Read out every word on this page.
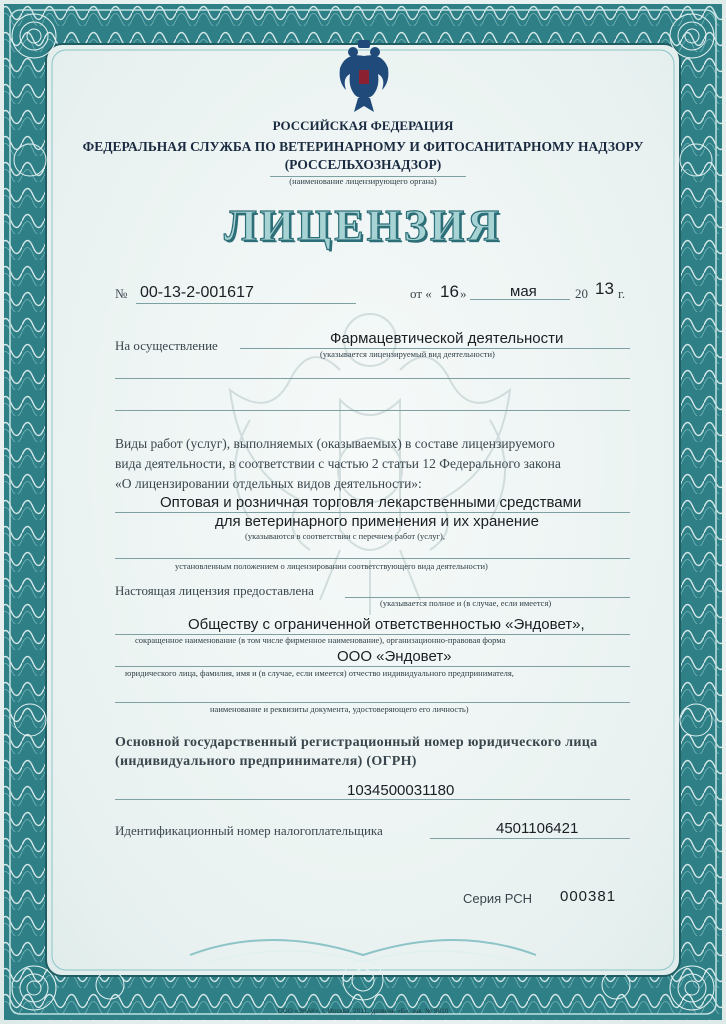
РОССИЙСКАЯ ФЕДЕРАЦИЯ
ФЕДЕРАЛЬНАЯ СЛУЖБА ПО ВЕТЕРИНАРНОМУ И ФИТОСАНИТАРНОМУ НАДЗОРУ
(РОССЕЛЬХОЗНАДЗОР)
(наименование лицензирующего органа)
ЛИЦЕНЗИЯ
№ 00-13-2-001617	от « 16 »	мая	20 13 г.
На осуществление	Фармацевтической деятельности
(указывается лицензируемый вид деятельности)
Виды работ (услуг), выполняемых (оказываемых) в составе лицензируемого
вида деятельности, в соответствии с частью 2 статьи 12 Федерального закона
«О лицензировании отдельных видов деятельности»:
Оптовая и розничная торговля лекарственными средствами
для ветеринарного применения и их хранение
(указываются в соответствии с перечнем работ (услуг),
установленным положением о лицензировании соответствующего вида деятельности)
Настоящая лицензия предоставлена
(указывается полное и (в случае, если имеется)
Обществу с ограниченной ответственностью «Эндовет»,
сокращенное наименование (в том числе фирменное наименование), организационно-правовая форма
ООО «Эндовет»
юридического лица, фамилия, имя и (в случае, если имеется) отчество индивидуального предпринимателя,
наименование и реквизиты документа, удостоверяющего его личность)
Основной государственный регистрационный номер юридического лица
(индивидуального предпринимателя) (ОГРН)
1034500031180
Идентификационный номер налогоплательщика	4501106421
Серия РСН 000381
ООО «ЗНАК», г. Москва, 2011, уровень «Б», зак. № 9810
